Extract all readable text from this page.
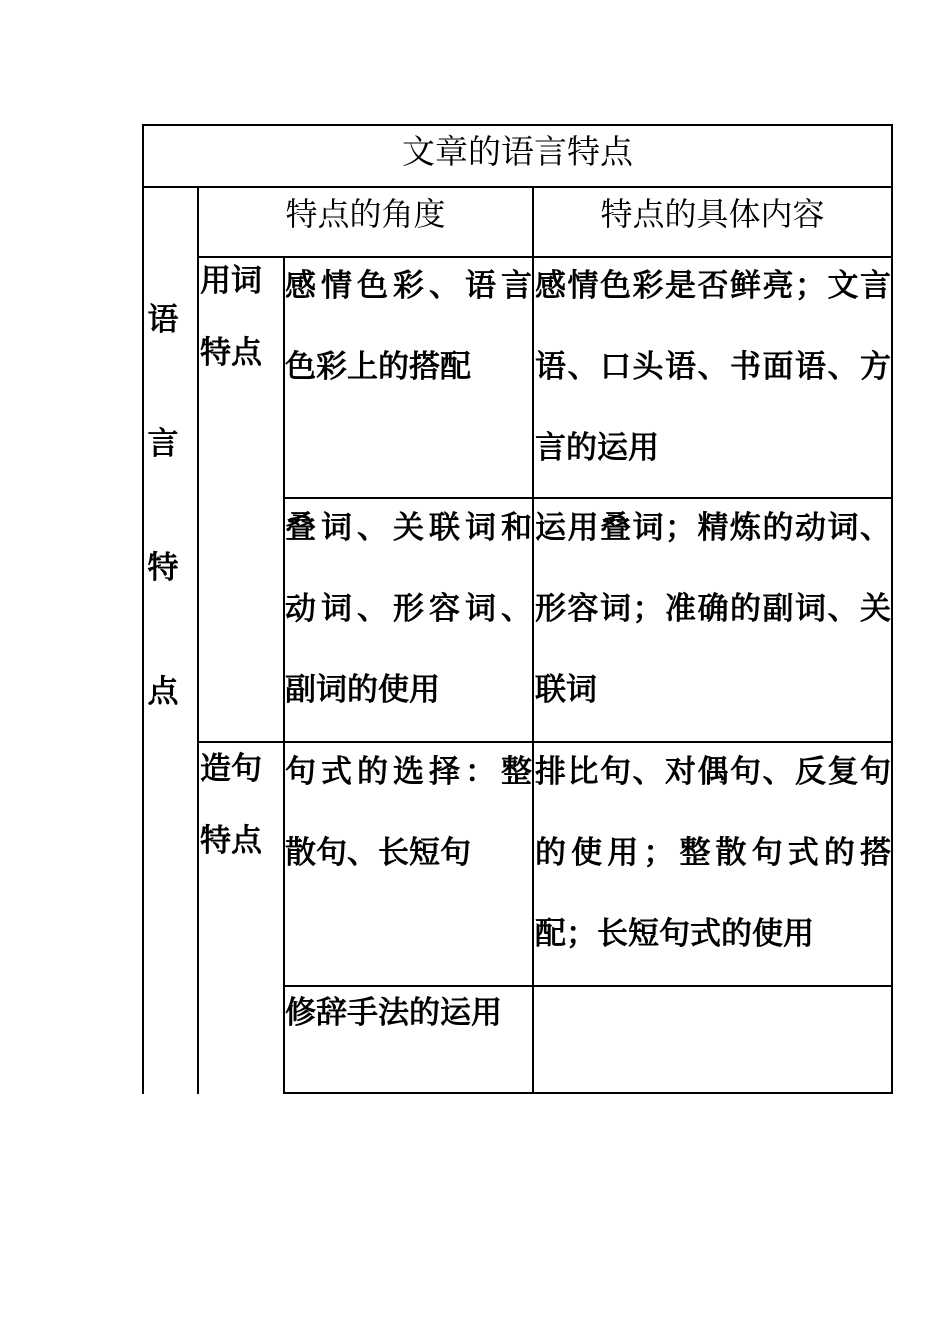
文章的语言特点
特点的角度	特点的具体内容
语
言
特
点
用词特点
感情色彩、语言色彩上的搭配
感情色彩是否鲜亮；文言语、口头语、书面语、方言的运用
叠词、关联词和动词、形容词、副词的使用
运用叠词；精炼的动词、形容词；准确的副词、关联词
造句特点
句式的选择：整散句、长短句
排比句、对偶句、反复句的使用；整散句式的搭配；长短句式的使用
修辞手法的运用
